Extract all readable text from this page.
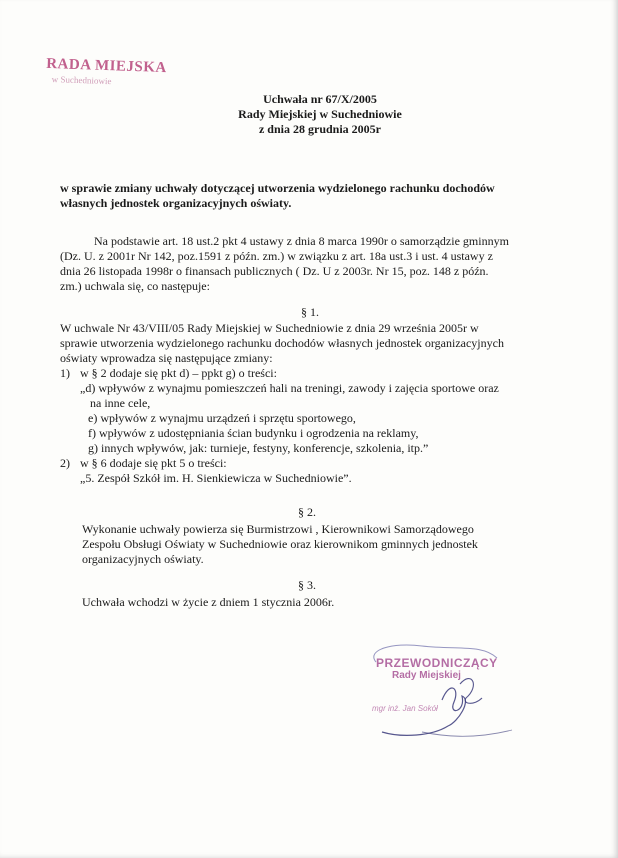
RADA MIEJSKA
w Suchedniowie
Uchwała nr 67/X/2005
Rady Miejskiej w Suchedniowie
z dnia 28 grudnia 2005r
w sprawie zmiany uchwały dotyczącej utworzenia wydzielonego rachunku dochodów
własnych jednostek organizacyjnych oświaty.
Na podstawie art. 18 ust.2 pkt 4 ustawy z dnia 8 marca 1990r o samorządzie gminnym
(Dz. U. z 2001r Nr 142, poz.1591 z późn. zm.) w związku z art. 18a ust.3 i ust. 4 ustawy z
dnia 26 listopada 1998r o finansach publicznych ( Dz. U z 2003r. Nr 15, poz. 148 z późn.
zm.) uchwala się, co następuje:
§ 1.
W uchwale Nr 43/VIII/05 Rady Miejskiej w Suchedniowie z dnia 29 września 2005r w
sprawie utworzenia wydzielonego rachunku dochodów własnych jednostek organizacyjnych
oświaty wprowadza się następujące zmiany:
1) w § 2 dodaje się pkt d) – ppkt g) o treści:
„d) wpływów z wynajmu pomieszczeń hali na treningi, zawody i zajęcia sportowe oraz
na inne cele,
e) wpływów z wynajmu urządzeń i sprzętu sportowego,
f) wpływów z udostępniania ścian budynku i ogrodzenia na reklamy,
g) innych wpływów, jak: turnieje, festyny, konferencje, szkolenia, itp.”
2) w § 6 dodaje się pkt 5 o treści:
„5. Zespół Szkół im. H. Sienkiewicza w Suchedniowie”.
§ 2.
Wykonanie uchwały powierza się Burmistrzowi , Kierownikowi Samorządowego
Zespołu Obsługi Oświaty w Suchedniowie oraz kierownikom gminnych jednostek
organizacyjnych oświaty.
§ 3.
Uchwała wchodzi w życie z dniem 1 stycznia 2006r.
PRZEWODNICZĄCY
Rady Miejskiej
mgr inż. Jan Sokół
